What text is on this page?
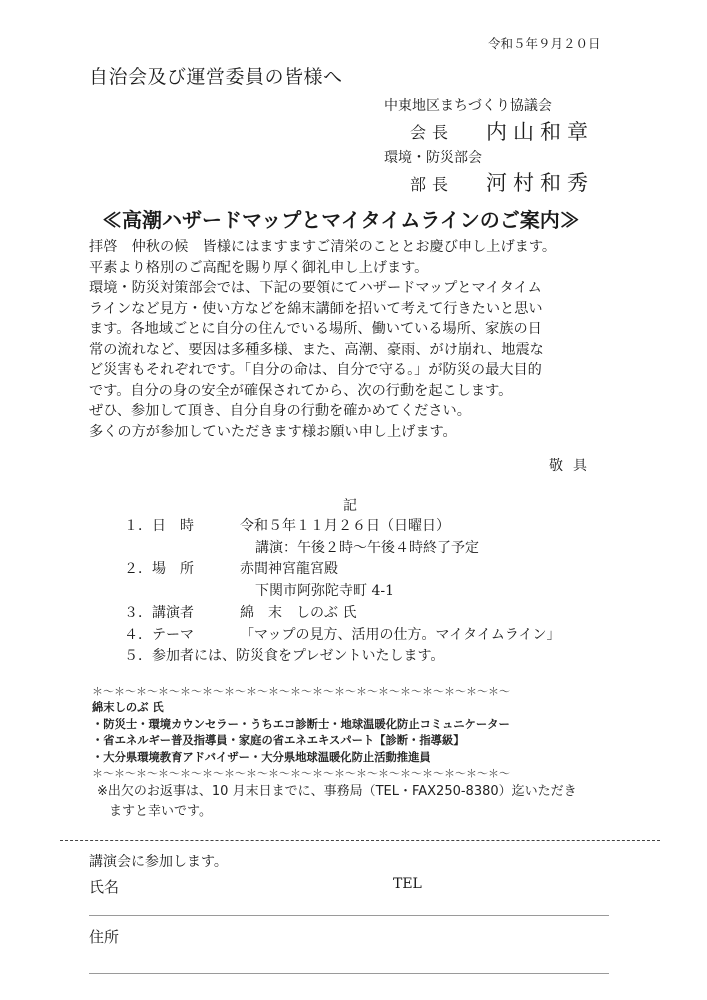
令和５年９月２０日
自治会及び運営委員の皆様へ
中東地区まちづくり協議会
会長 内山和章
環境・防災部会
部長 河村和秀
≪高潮ハザードマップとマイタイムラインのご案内≫
拝啓　仲秋の候　皆様にはますますご清栄のこととお慶び申し上げます。
平素より格別のご高配を賜り厚く御礼申し上げます。
環境・防災対策部会では、下記の要領にてハザードマップとマイタイム
ラインなど見方・使い方などを綿末講師を招いて考えて行きたいと思い
ます。各地域ごとに自分の住んでいる場所、働いている場所、家族の日
常の流れなど、要因は多種多様、また、高潮、豪雨、がけ崩れ、地震な
ど災害もそれぞれです。「自分の命は、自分で守る。」が防災の最大目的
です。自分の身の安全が確保されてから、次の行動を起こします。
ぜひ、参加して頂き、自分自身の行動を確かめてください。
多くの方が参加していただきます様お願い申し上げます。
敬具
記
１．日　時	令和５年１１月２６日（日曜日）
講演：午後２時～午後４時終了予定
２．場　所	赤間神宮龍宮殿
下関市阿弥陀寺町 4-1
３．講演者	綿　末　しのぶ 氏
４．テーマ	「マップの見方、活用の仕方。マイタイムライン」
５．参加者には、防災食をプレゼントいたします。
＊～＊～＊～＊～＊～＊～＊～＊～＊～＊～＊～＊～＊～＊～＊～＊～＊～＊～＊～
綿末しのぶ 氏
・防災士・環境カウンセラー・うちエコ診断士・地球温暖化防止コミュニケーター
・省エネルギー普及指導員・家庭の省エネエキスパート【診断・指導級】
・大分県環境教育アドバイザー・大分県地球温暖化防止活動推進員
＊～＊～＊～＊～＊～＊～＊～＊～＊～＊～＊～＊～＊～＊～＊～＊～＊～＊～＊～
※出欠のお返事は、10 月末日までに、事務局（TEL・FAX250-8380）迄いただき
ますと幸いです。
講演会に参加します。
氏名	TEL
住所
